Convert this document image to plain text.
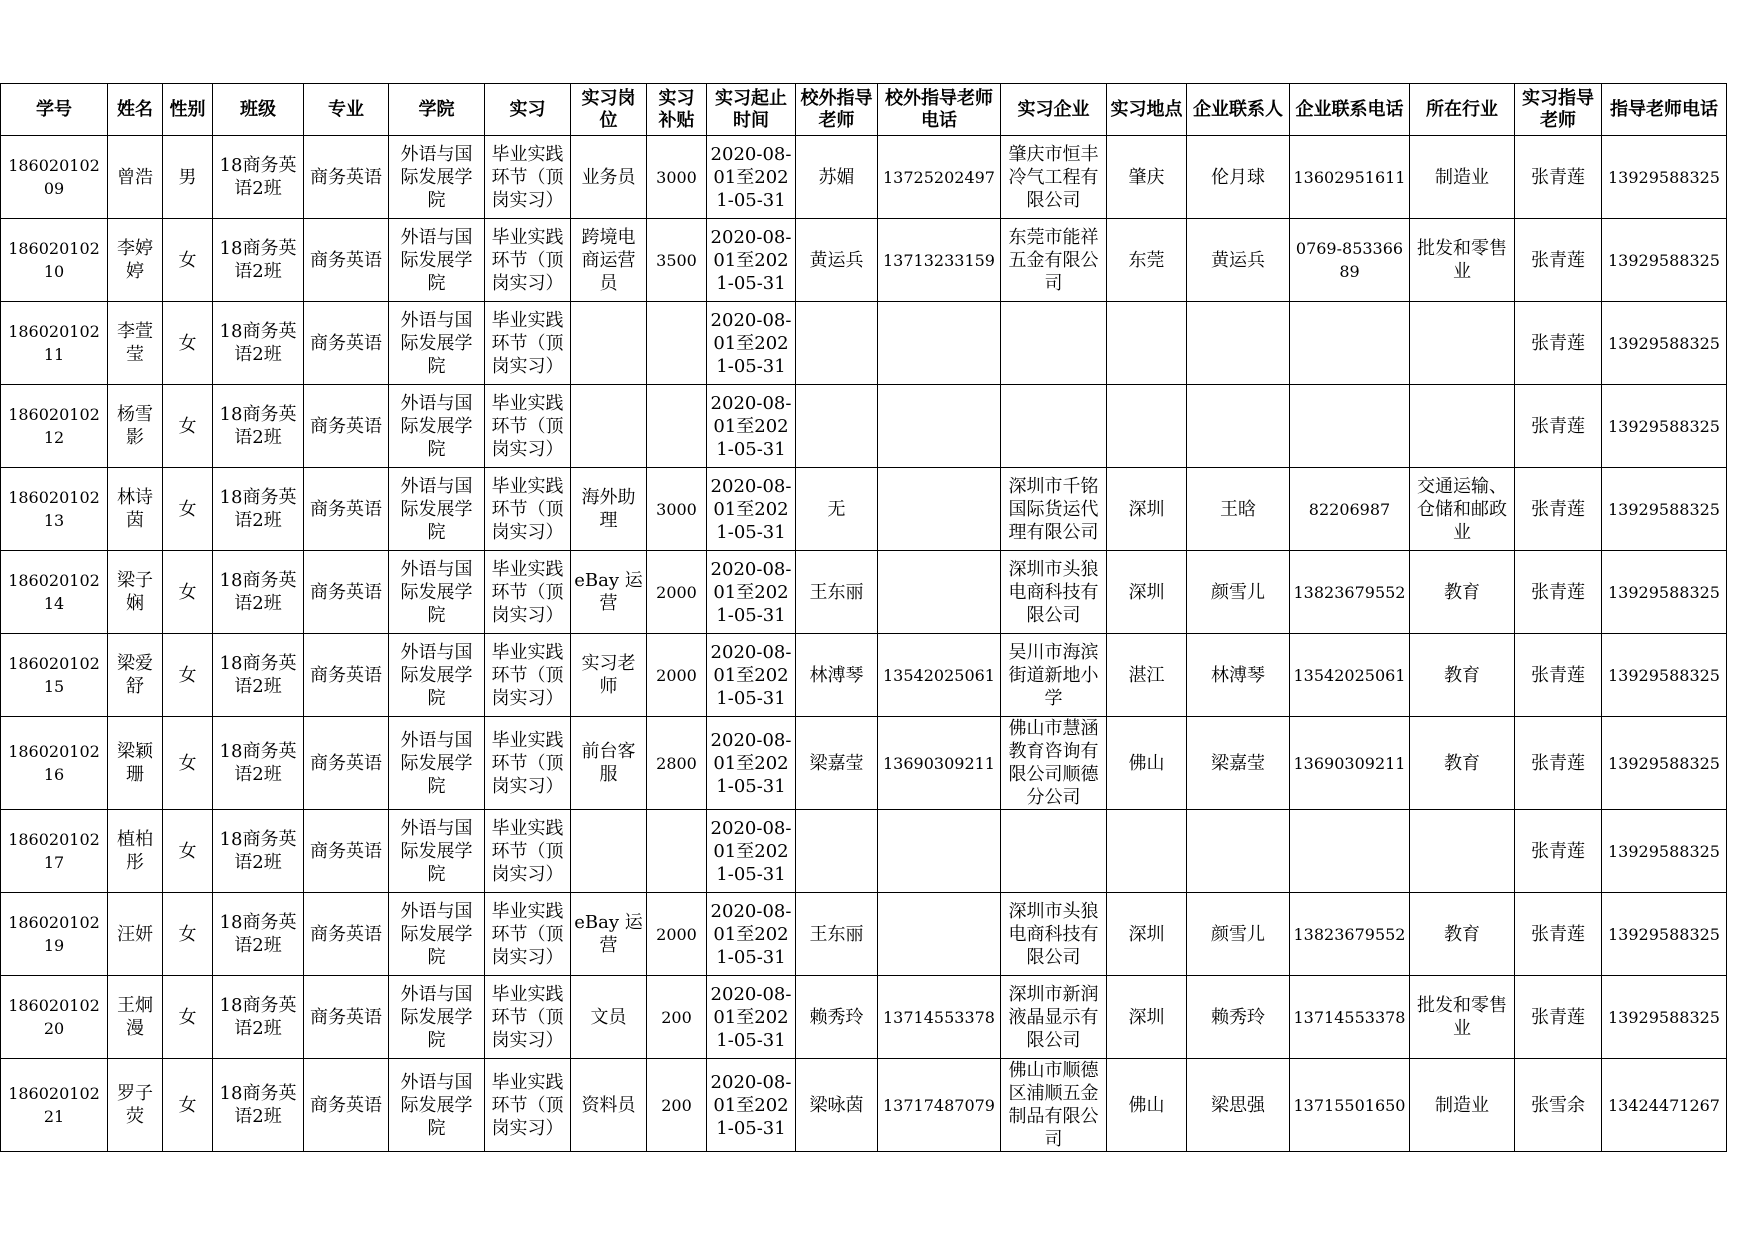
学号	姓名	性别	班级	专业	学院	实习	实习岗位	实习补贴	实习起止时间	校外指导老师	校外指导老师电话	实习企业	实习地点	企业联系人	企业联系电话	所在行业	实习指导老师	指导老师电话

18602010209	曾浩	男	18商务英语2班	商务英语	外语与国际发展学院	毕业实践环节（顶岗实习）	业务员	3000	2020-08-01至2021-05-31	苏媚	13725202497	肇庆市恒丰冷气工程有限公司	肇庆	伦月球	13602951611	制造业	张青莲	13929588325

18602010210	李婷婷	女	18商务英语2班	商务英语	外语与国际发展学院	毕业实践环节（顶岗实习）	跨境电商运营员	3500	2020-08-01至2021-05-31	黄运兵	13713233159	东莞市能祥五金有限公司	东莞	黄运兵	0769-85336689	批发和零售业	张青莲	13929588325

18602010211	李萱莹	女	18商务英语2班	商务英语	外语与国际发展学院	毕业实践环节（顶岗实习）			2020-08-01至2021-05-31								张青莲	13929588325

18602010212	杨雪影	女	18商务英语2班	商务英语	外语与国际发展学院	毕业实践环节（顶岗实习）			2020-08-01至2021-05-31								张青莲	13929588325

18602010213	林诗茵	女	18商务英语2班	商务英语	外语与国际发展学院	毕业实践环节（顶岗实习）	海外助理	3000	2020-08-01至2021-05-31	无		深圳市千铭国际货运代理有限公司	深圳	王晗	82206987	交通运输、仓储和邮政业	张青莲	13929588325

18602010214	梁子娴	女	18商务英语2班	商务英语	外语与国际发展学院	毕业实践环节（顶岗实习）	eBay 运营	2000	2020-08-01至2021-05-31	王东丽		深圳市头狼电商科技有限公司	深圳	颜雪儿	13823679552	教育	张青莲	13929588325

18602010215	梁爱舒	女	18商务英语2班	商务英语	外语与国际发展学院	毕业实践环节（顶岗实习）	实习老师	2000	2020-08-01至2021-05-31	林溥琴	13542025061	吴川市海滨街道新地小学	湛江	林溥琴	13542025061	教育	张青莲	13929588325

18602010216	梁颖珊	女	18商务英语2班	商务英语	外语与国际发展学院	毕业实践环节（顶岗实习）	前台客服	2800	2020-08-01至2021-05-31	梁嘉莹	13690309211	佛山市慧涵教育咨询有限公司顺德分公司	佛山	梁嘉莹	13690309211	教育	张青莲	13929588325

18602010217	植柏彤	女	18商务英语2班	商务英语	外语与国际发展学院	毕业实践环节（顶岗实习）			2020-08-01至2021-05-31								张青莲	13929588325

18602010219	汪妍	女	18商务英语2班	商务英语	外语与国际发展学院	毕业实践环节（顶岗实习）	eBay 运营	2000	2020-08-01至2021-05-31	王东丽		深圳市头狼电商科技有限公司	深圳	颜雪儿	13823679552	教育	张青莲	13929588325

18602010220	王炯漫	女	18商务英语2班	商务英语	外语与国际发展学院	毕业实践环节（顶岗实习）	文员	200	2020-08-01至2021-05-31	赖秀玲	13714553378	深圳市新润液晶显示有限公司	深圳	赖秀玲	13714553378	批发和零售业	张青莲	13929588325

18602010221	罗子荧	女	18商务英语2班	商务英语	外语与国际发展学院	毕业实践环节（顶岗实习）	资料员	200	2020-08-01至2021-05-31	梁咏茵	13717487079	佛山市顺德区浦顺五金制品有限公司	佛山	梁思强	13715501650	制造业	张雪余	13424471267
